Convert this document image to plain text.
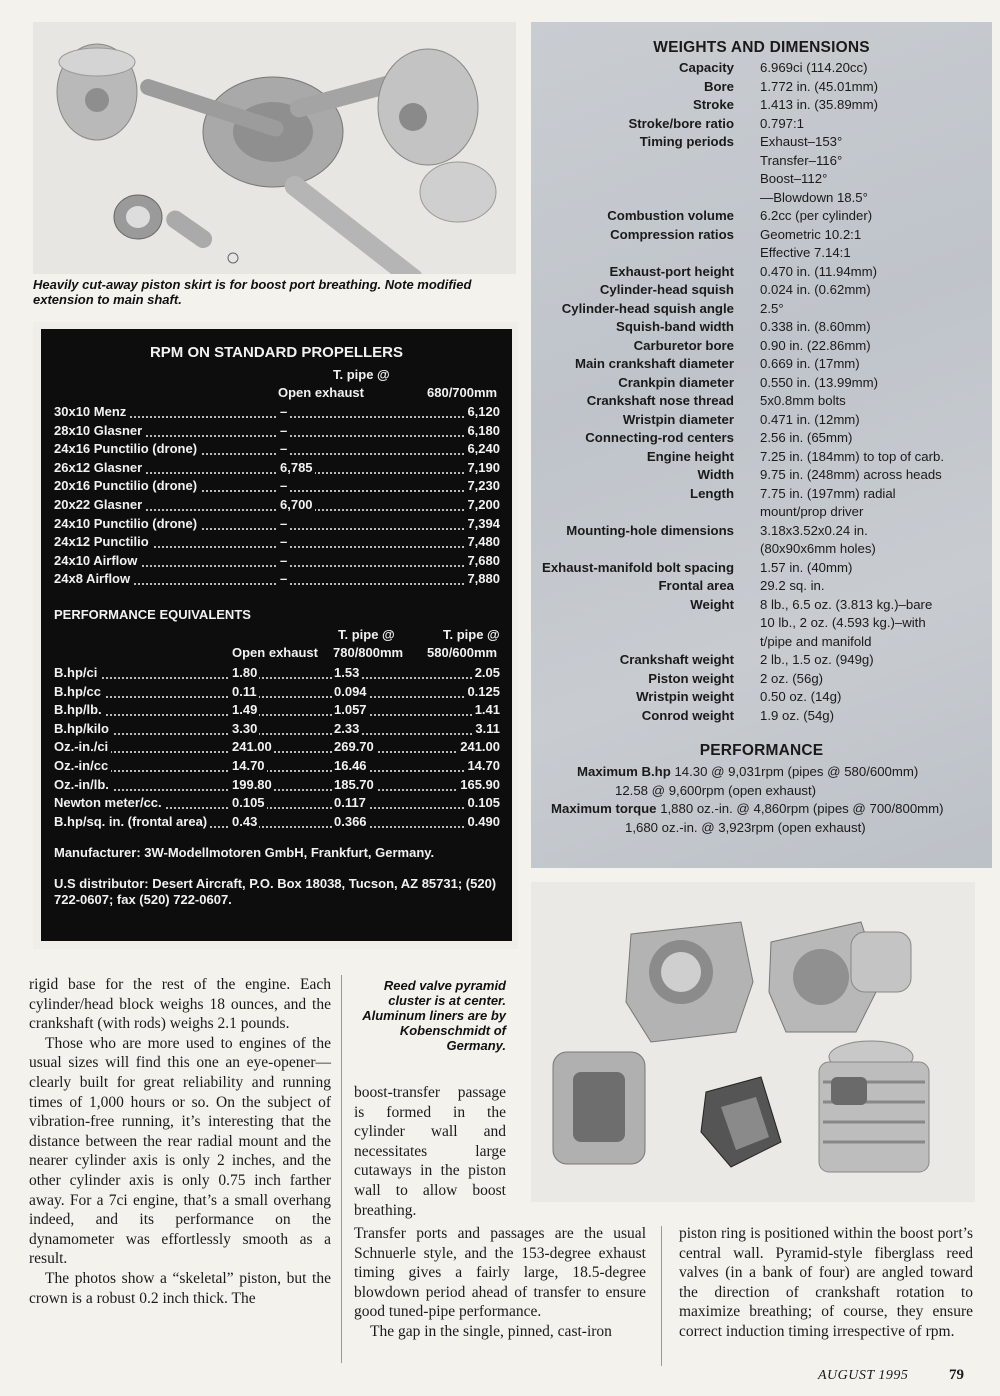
Heavily cut-away piston skirt is for boost port breathing. Note modified extension to main shaft.
WEIGHTS AND DIMENSIONS
Capacity 6.969ci (114.20cc)
Bore 1.772 in. (45.01mm)
Stroke 1.413 in. (35.89mm)
Stroke/bore ratio 0.797:1
Timing periods Exhaust–153°
Transfer–116°
Boost–112°
—Blowdown 18.5°
Combustion volume 6.2cc (per cylinder)
Compression ratios Geometric 10.2:1
Effective 7.14:1
Exhaust-port height 0.470 in. (11.94mm)
Cylinder-head squish 0.024 in. (0.62mm)
Cylinder-head squish angle 2.5°
Squish-band width 0.338 in. (8.60mm)
Carburetor bore 0.90 in. (22.86mm)
Main crankshaft diameter 0.669 in. (17mm)
Crankpin diameter 0.550 in. (13.99mm)
Crankshaft nose thread 5x0.8mm bolts
Wristpin diameter 0.471 in. (12mm)
Connecting-rod centers 2.56 in. (65mm)
Engine height 7.25 in. (184mm) to top of carb.
Width 9.75 in. (248mm) across heads
Length 7.75 in. (197mm) radial
mount/prop driver
Mounting-hole dimensions 3.18x3.52x0.24 in.
(80x90x6mm holes)
Exhaust-manifold bolt spacing 1.57 in. (40mm)
Frontal area 29.2 sq. in.
Weight 8 lb., 6.5 oz. (3.813 kg.)–bare
10 lb., 2 oz. (4.593 kg.)–with
t/pipe and manifold
Crankshaft weight 2 lb., 1.5 oz. (949g)
Piston weight 2 oz. (56g)
Wristpin weight 0.50 oz. (14g)
Conrod weight 1.9 oz. (54g)
PERFORMANCE
Maximum B.hp 14.30 @ 9,031rpm (pipes @ 580/600mm)
12.58 @ 9,600rpm (open exhaust)
Maximum torque 1,880 oz.-in. @ 4,860rpm (pipes @ 700/800mm)
1,680 oz.-in. @ 3,923rpm (open exhaust)
RPM ON STANDARD PROPELLERS
T. pipe @
Open exhaust	680/700mm
30x10 Menz	–	6,120
28x10 Glasner	–	6,180
24x16 Punctilio (drone)	–	6,240
26x12 Glasner	6,785	7,190
20x16 Punctilio (drone)	–	7,230
20x22 Glasner	6,700	7,200
24x10 Punctilio (drone)	–	7,394
24x12 Punctilio	–	7,480
24x10 Airflow	–	7,680
24x8 Airflow	–	7,880
PERFORMANCE EQUIVALENTS
T. pipe @	T. pipe @
Open exhaust 780/800mm 580/600mm
B.hp/ci	1.80	1.53	2.05
B.hp/cc	0.11	0.094	0.125
B.hp/lb.	1.49	1.057	1.41
B.hp/kilo	3.30	2.33	3.11
Oz.-in./ci	241.00	269.70	241.00
Oz.-in/cc	14.70	16.46	14.70
Oz.-in/lb.	199.80	185.70	165.90
Newton meter/cc.	0.105	0.117	0.105
B.hp/sq. in. (frontal area) 0.43	0.366	0.490
Manufacturer: 3W-Modellmotoren GmbH, Frankfurt, Germany.
U.S distributor: Desert Aircraft, P.O. Box 18038, Tucson, AZ 85731; (520) 722-0607; fax (520) 722-0607.
Reed valve pyramid cluster is at center. Aluminum liners are by Kobenschmidt of Germany.

rigid base for the rest of the engine. Each cylinder/head block weighs 18 ounces, and the crankshaft (with rods) weighs 2.1 pounds.

Those who are more used to engines of the usual sizes will find this one an eye-opener—clearly built for great reliability and running times of 1,000 hours or so. On the subject of vibration-free running, it’s interesting that the distance between the rear radial mount and the nearer cylinder axis is only 2 inches, and the other cylinder axis is only 0.75 inch farther away. For a 7ci engine, that’s a small overhang indeed, and its performance on the dynamometer was effortlessly smooth as a result.

The photos show a “skeletal” piston, but the crown is a robust 0.2 inch thick. The

boost-transfer passage is formed in the cylinder wall and necessitates large cutaways in the piston wall to allow boost breathing.

Transfer ports and passages are the usual Schnuerle style, and the 153-degree exhaust timing gives a fairly large, 18.5-degree blowdown period ahead of transfer to ensure good tuned-pipe performance.

The gap in the single, pinned, cast-iron

piston ring is positioned within the boost port’s central wall. Pyramid-style fiberglass reed valves (in a bank of four) are angled toward the direction of crankshaft rotation to maximize breathing; of course, they ensure correct induction timing irrespective of rpm.

AUGUST 1995	79
